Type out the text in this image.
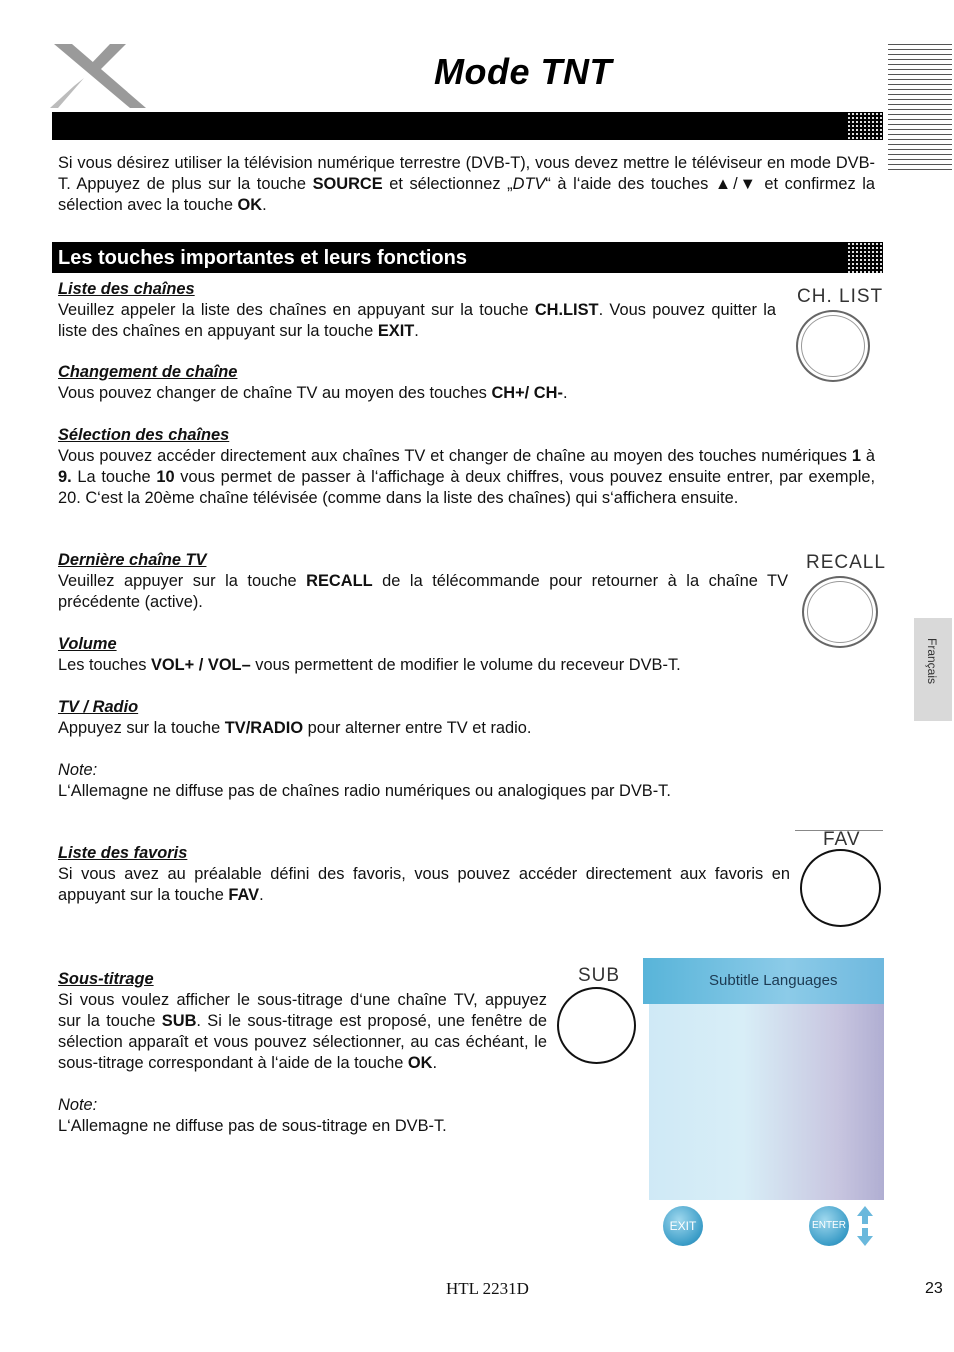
Mode TNT

Si vous désirez utiliser la télévision numérique terrestre (DVB-T), vous devez mettre le téléviseur en mode DVB-T. Appuyez de plus sur la touche SOURCE et sélectionnez „DTV“ à l‘aide des touches ▲/▼ et confirmez la sélection avec la touche OK.

Les touches importantes et leurs fonctions
Liste des chaînes

Veuillez appeler la liste des chaînes en appuyant sur la touche CH.LIST. Vous pouvez quitter la liste des chaînes en appuyant sur la touche EXIT.

CH. LIST
Changement de chaîne

Vous pouvez changer de chaîne TV au moyen des touches CH+/ CH-.

Sélection des chaînes

Vous pouvez accéder directement aux chaînes TV et changer de chaîne au moyen des touches numériques 1 à 9. La touche 10 vous permet de passer à l‘affichage à deux chiffres, vous pouvez ensuite entrer, par exemple, 20. C‘est la 20ème chaîne télévisée (comme dans la liste des chaînes) qui s‘affichera ensuite.

Dernière chaîne TV

Veuillez appuyer sur la touche RECALL de la télécommande pour retourner à la chaîne TV précédente (active).

RECALL
Volume

Les touches VOL+ / VOL– vous permettent de modifier le volume du receveur DVB-T.

TV / Radio

Appuyez sur la touche TV/RADIO pour alterner entre TV et radio.

Note:

L‘Allemagne ne diffuse pas de chaînes radio numériques ou analogiques par DVB-T.

Liste des favoris

Si vous avez au préalable défini des favoris, vous pouvez accéder directement aux favoris en appuyant sur la touche FAV.

FAV
Sous-titrage

Si vous voulez afficher le sous-titrage d‘une chaîne TV, appuyez sur la touche SUB. Si le sous-titrage est proposé, une fenêtre de sélection apparaît et vous pouvez sélectionner, au cas échéant, le sous-titrage correspondant à l‘aide de la touche OK.

Note:

L‘Allemagne ne diffuse pas de sous-titrage en DVB-T.

SUB	Subtitle Languages
EXIT	ENTER
Français
HTL 2231D	23
